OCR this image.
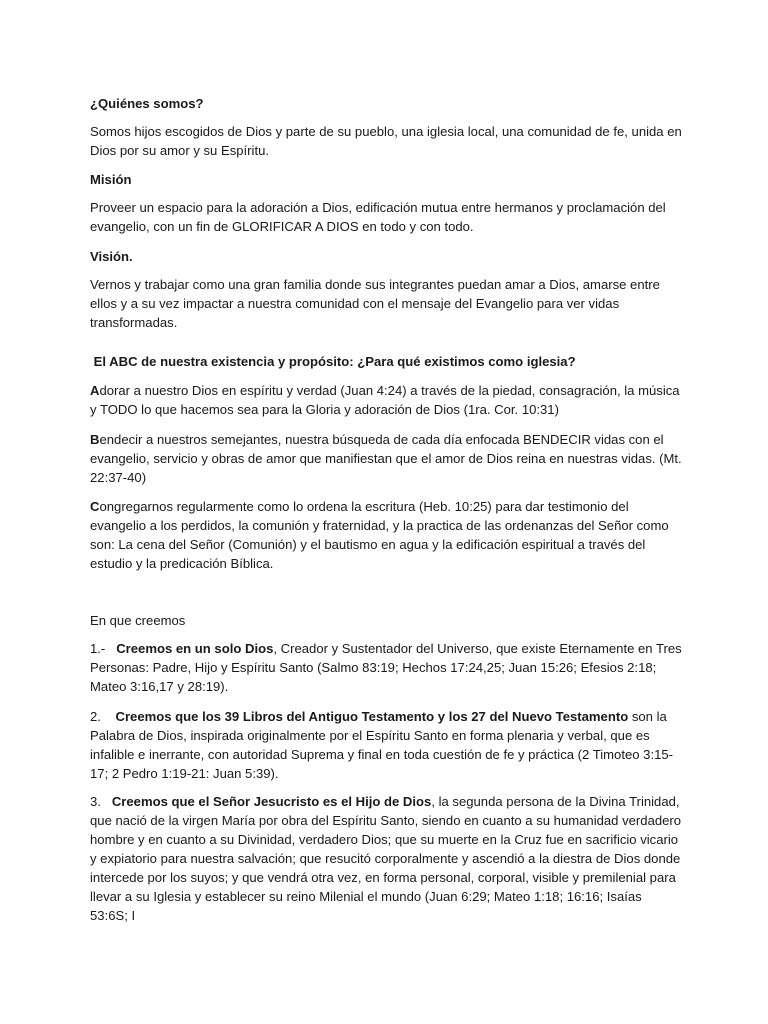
¿Quiénes somos?

Somos hijos escogidos de Dios y parte de su pueblo, una iglesia local, una comunidad de fe, unida en Dios por su amor y su Espíritu.

Misión

Proveer un espacio para la adoración a Dios, edificación mutua entre hermanos y proclamación del evangelio, con un fin de GLORIFICAR A DIOS en todo y con todo.

Visión.

Vernos y trabajar como una gran familia donde sus integrantes puedan amar a Dios, amarse entre ellos y a su vez impactar a nuestra comunidad con el mensaje del Evangelio para ver vidas transformadas.

El ABC de nuestra existencia y propósito: ¿Para qué existimos como iglesia?

Adorar a nuestro Dios en espíritu y verdad (Juan 4:24) a través de la piedad, consagración, la música y TODO lo que hacemos sea para la Gloria y adoración de Dios (1ra. Cor. 10:31)

Bendecir a nuestros semejantes, nuestra búsqueda de cada día enfocada BENDECIR vidas con el evangelio, servicio y obras de amor que manifiestan que el amor de Dios reina en nuestras vidas. (Mt. 22:37-40)

Congregarnos regularmente como lo ordena la escritura (Heb. 10:25) para dar testimonio del evangelio a los perdidos, la comunión y fraternidad, y la practica de las ordenanzas del Señor como son: La cena del Señor (Comunión) y el bautismo en agua y la edificación espiritual a través del estudio y la predicación Bíblica.

En que creemos

1.-   Creemos en un solo Dios, Creador y Sustentador del Universo, que existe Eternamente en Tres Personas: Padre, Hijo y Espíritu Santo (Salmo 83:19; Hechos 17:24,25; Juan 15:26; Efesios 2:18; Mateo 3:16,17 y 28:19).

2.    Creemos que los 39 Libros del Antiguo Testamento y los 27 del Nuevo Testamento son la Palabra de Dios, inspirada originalmente por el Espíritu Santo en forma plenaria y verbal, que es infalible e inerrante, con autoridad Suprema y final en toda cuestión de fe y práctica (2 Timoteo 3:15-17; 2 Pedro 1:19-21: Juan 5:39).

3.   Creemos que el Señor Jesucristo es el Hijo de Dios, la segunda persona de la Divina Trinidad, que nació de la virgen María por obra del Espíritu Santo, siendo en cuanto a su humanidad verdadero hombre y en cuanto a su Divinidad, verdadero Dios; que su muerte en la Cruz fue en sacrificio vicario y expiatorio para nuestra salvación; que resucitó corporalmente y ascendió a la diestra de Dios donde intercede por los suyos; y que vendrá otra vez, en forma personal, corporal, visible y premilenial para llevar a su Iglesia y establecer su reino Milenial el mundo (Juan 6:29; Mateo 1:18; 16:16; Isaías 53:6S; I
